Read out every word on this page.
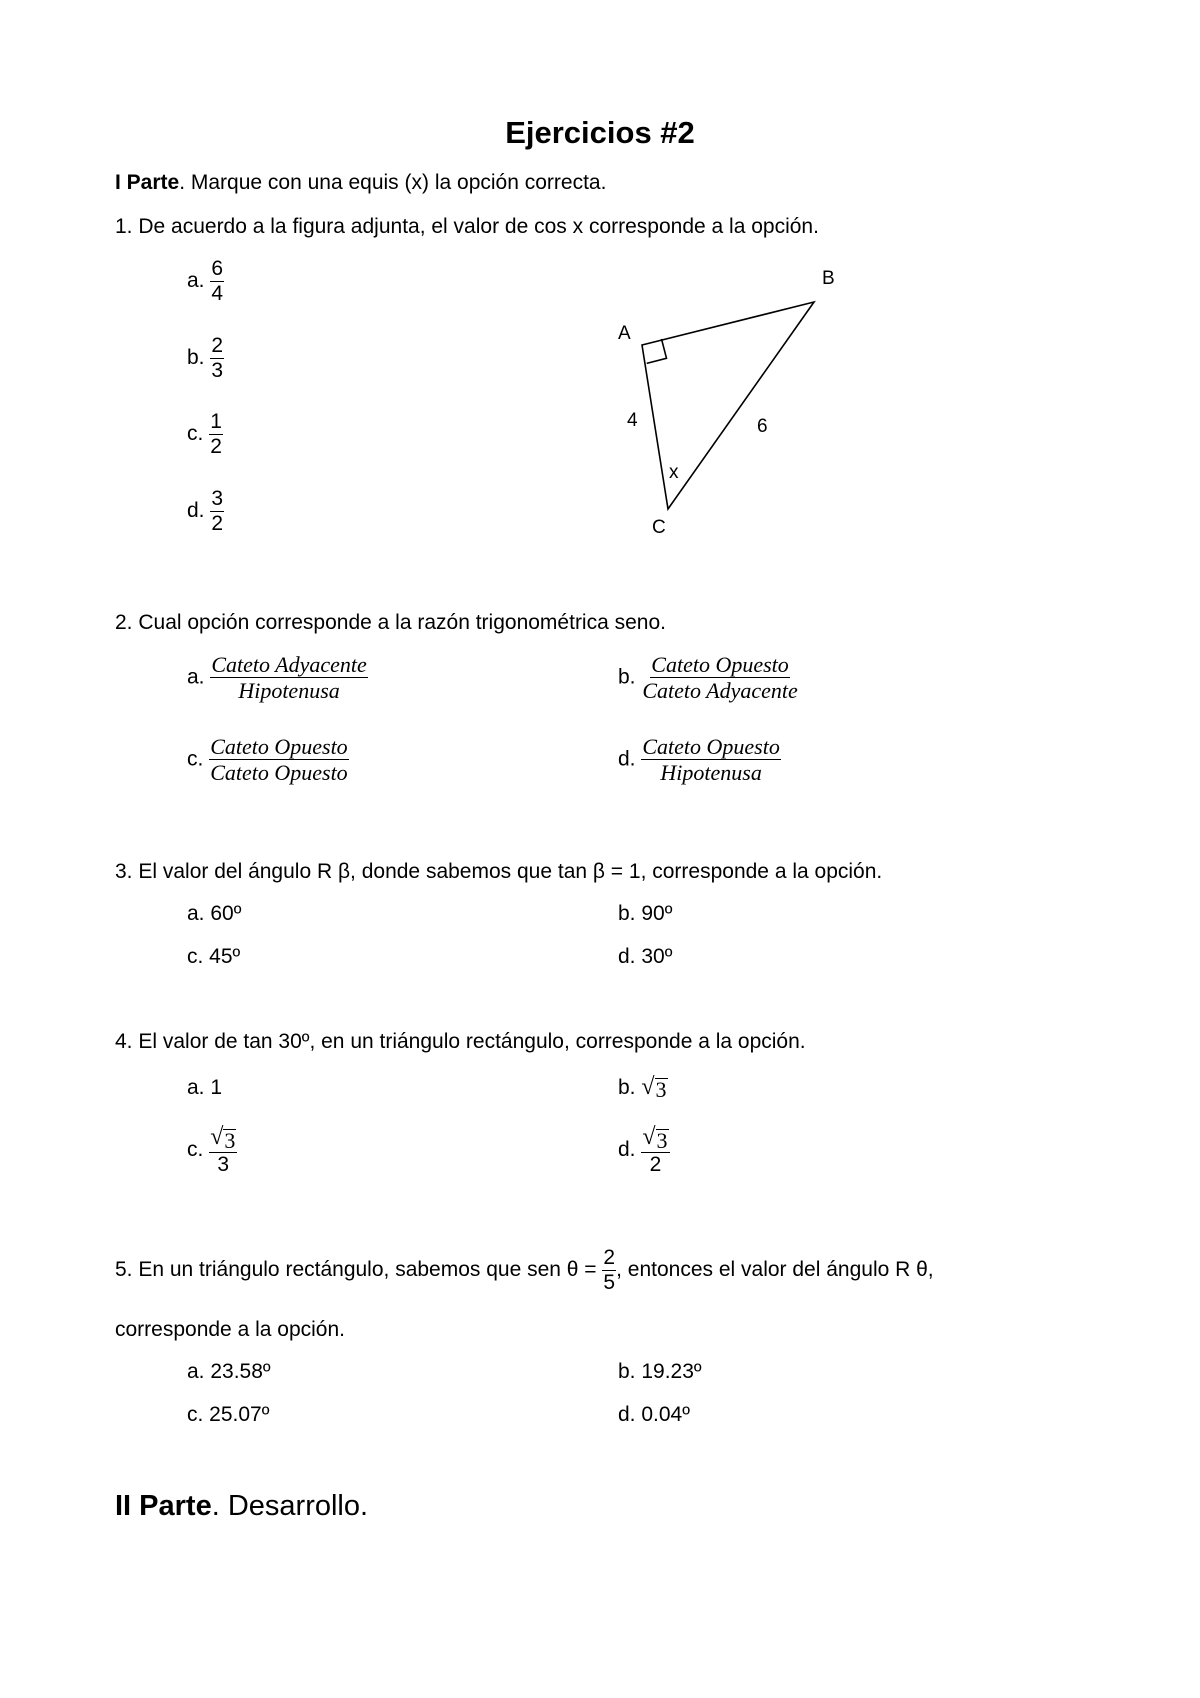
Ejercicios #2
I Parte. Marque con una equis (x) la opción correcta.
1. De acuerdo a la figura adjunta, el valor de cos x corresponde a la opción.
a. $\frac{6}{4}$
b. $\frac{2}{3}$
c. $\frac{1}{2}$
d. $\frac{3}{2}$
A
B
C
4	6
x
2. Cual opción corresponde a la razón trigonométrica seno.
a. $\frac{\text{Cateto Adyacente}}{\text{Hipotenusa}}$	b. $\frac{\text{Cateto Opuesto}}{\text{Cateto Adyacente}}$
c. $\frac{\text{Cateto Opuesto}}{\text{Cateto Opuesto}}$	d. $\frac{\text{Cateto Opuesto}}{\text{Hipotenusa}}$
3. El valor del ángulo R β, donde sabemos que tan β = 1, corresponde a la opción.
a. 60º	b. 90º
c. 45º	d. 30º
4. El valor de tan 30º, en un triángulo rectángulo, corresponde a la opción.
a. 1	b. √ 3
c. $\frac{√ 3}{3}$	d. $\frac{√ 3}{2}$
5. En un triángulo rectángulo, sabemos que sen $\theta = \frac{2}{5}$ , entonces el valor del ángulo R θ,
corresponde a la opción.
a. 23.58º	b. 19.23º
c. 25.07º	d. 0.04º
II Parte. Desarrollo.
